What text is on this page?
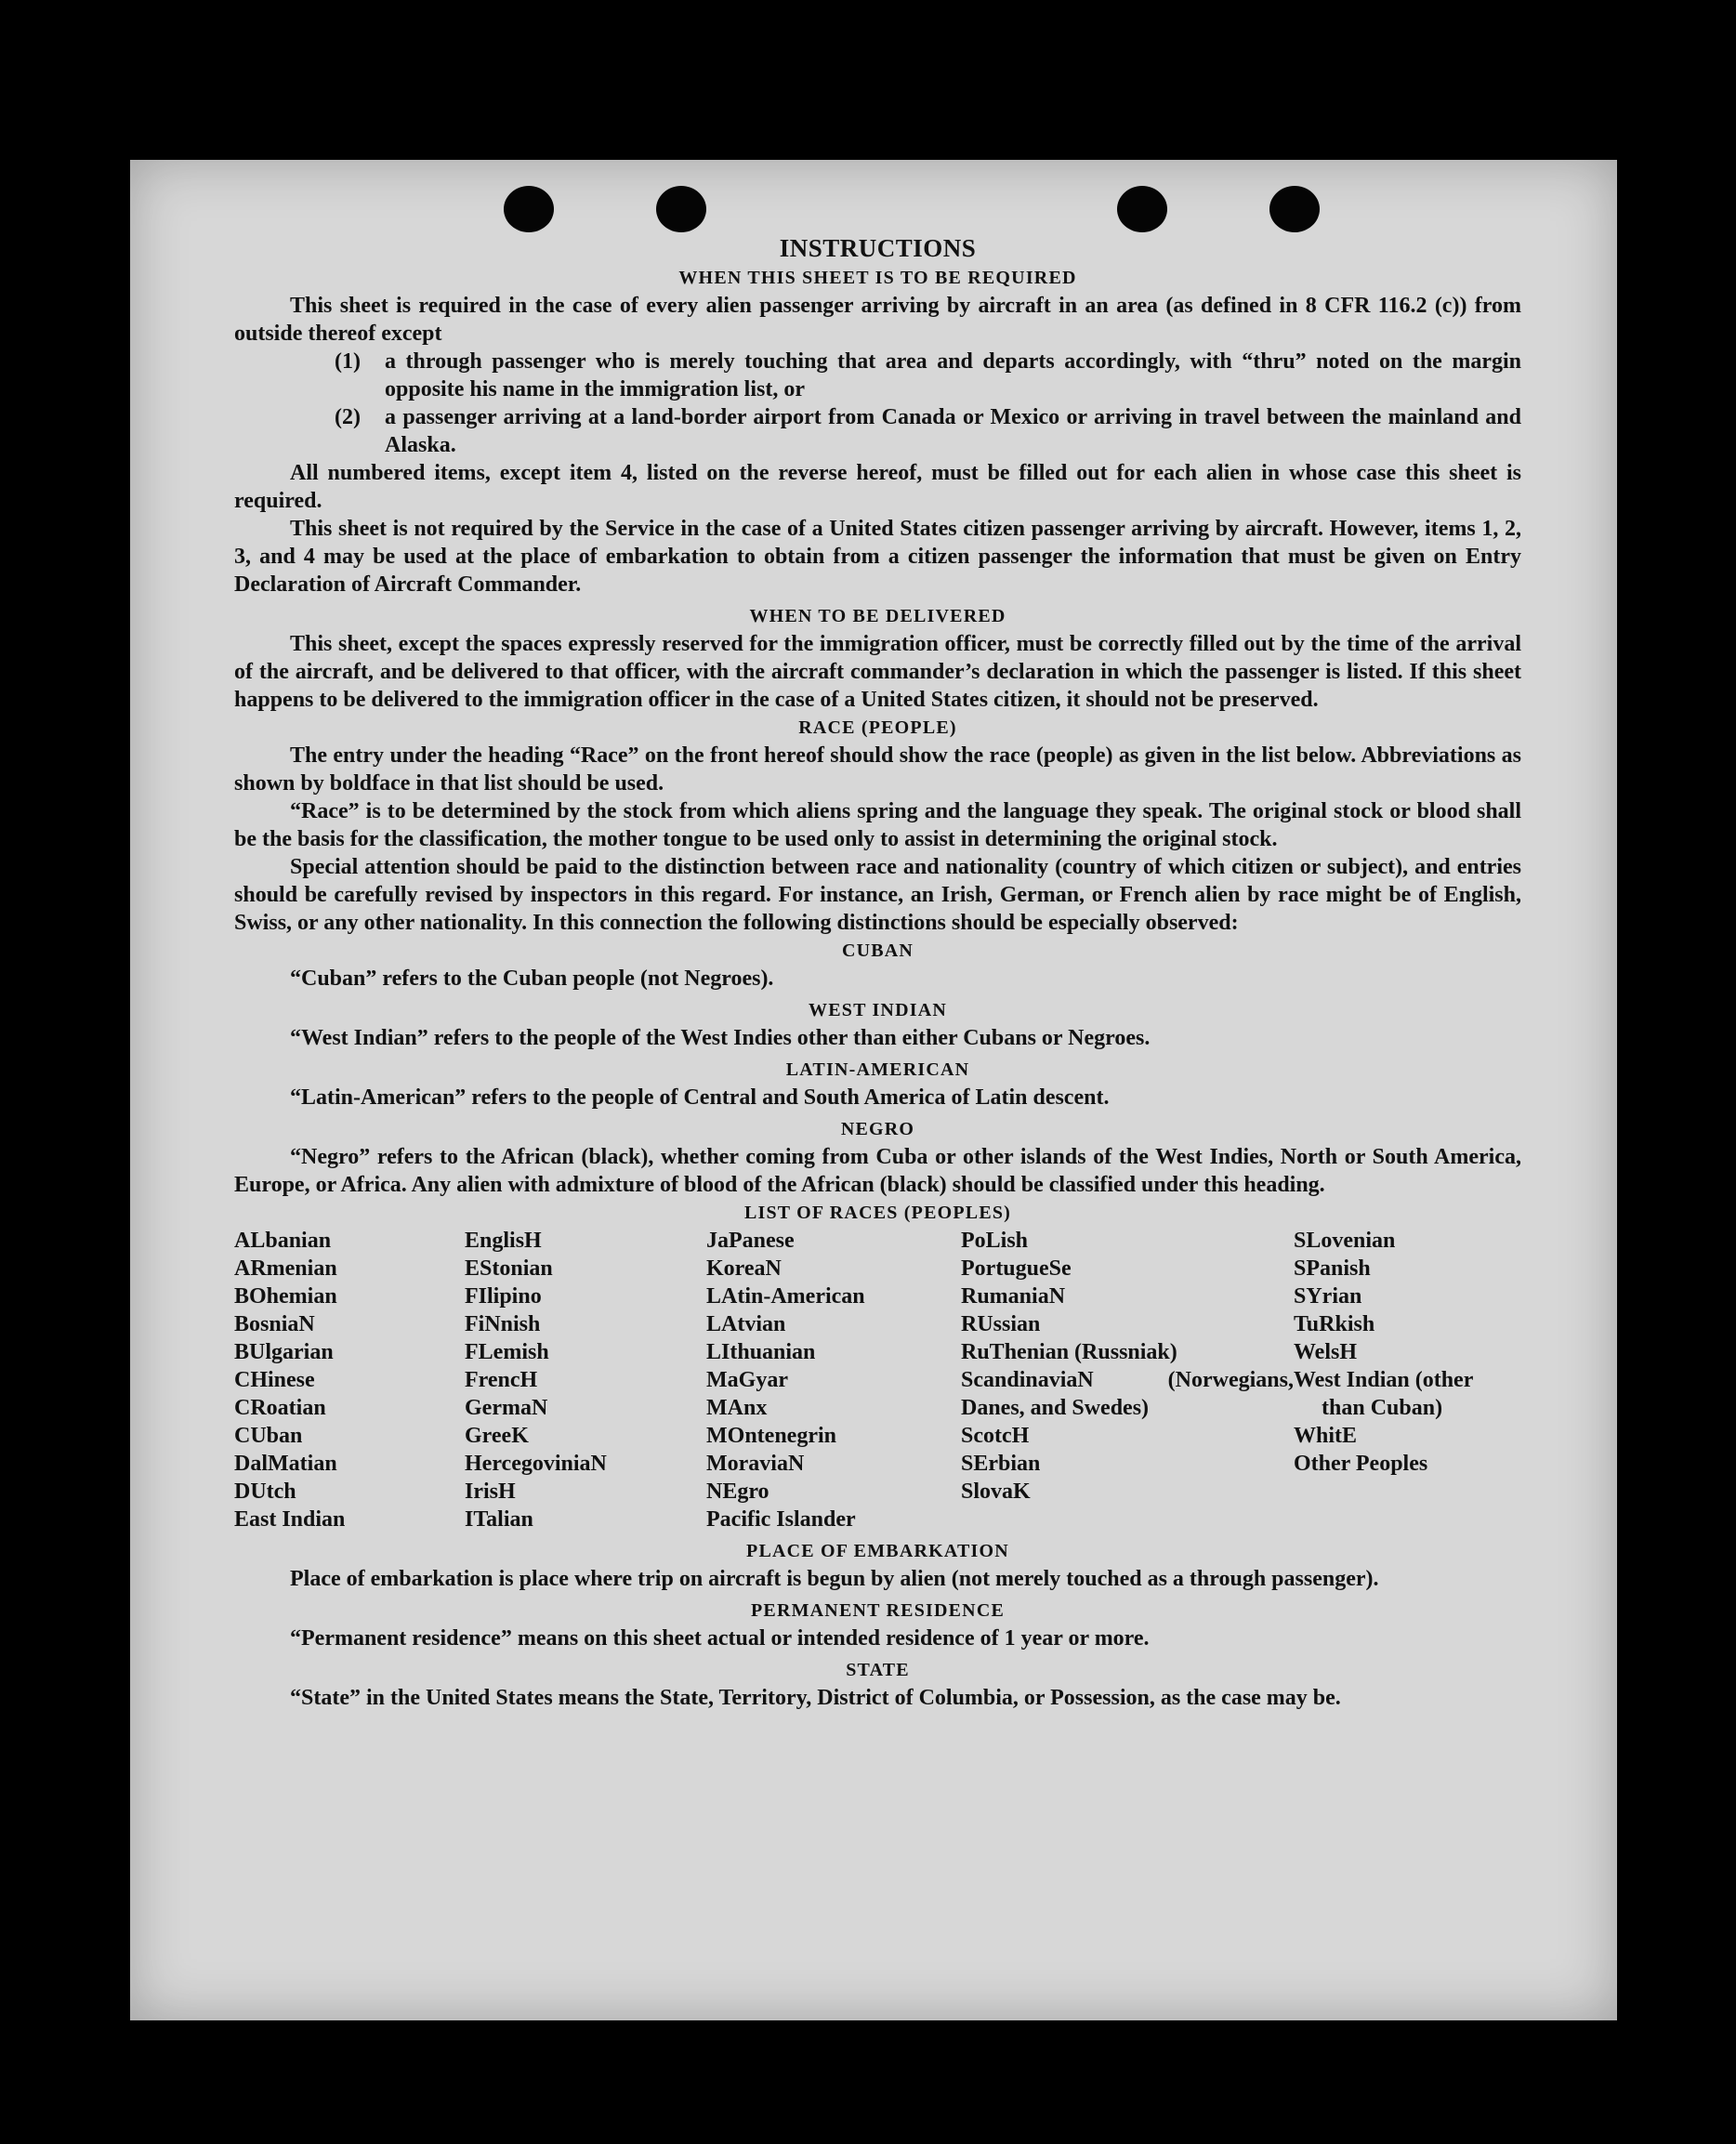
INSTRUCTIONS
WHEN THIS SHEET IS TO BE REQUIRED

This sheet is required in the case of every alien passenger arriving by aircraft in an area (as defined in 8 CFR 116.2 (c)) from outside thereof except

(1)	a through passenger who is merely touching that area and departs accordingly, with “thru” noted on the margin opposite his name in the immigration list, or
(2)	a passenger arriving at a land-border airport from Canada or Mexico or arriving in travel between the mainland and Alaska.

All numbered items, except item 4, listed on the reverse hereof, must be filled out for each alien in whose case this sheet is required.

This sheet is not required by the Service in the case of a United States citizen passenger arriving by aircraft. However, items 1, 2, 3, and 4 may be used at the place of embarkation to obtain from a citizen passenger the information that must be given on Entry Declaration of Aircraft Commander.

WHEN TO BE DELIVERED

This sheet, except the spaces expressly reserved for the immigration officer, must be correctly filled out by the time of the arrival of the aircraft, and be delivered to that officer, with the aircraft commander’s declaration in which the passenger is listed. If this sheet happens to be delivered to the immigration officer in the case of a United States citizen, it should not be preserved.

RACE (PEOPLE)

The entry under the heading “Race” on the front hereof should show the race (people) as given in the list below. Abbreviations as shown by boldface in that list should be used.

“Race” is to be determined by the stock from which aliens spring and the language they speak. The original stock or blood shall be the basis for the classification, the mother tongue to be used only to assist in determining the original stock.

Special attention should be paid to the distinction between race and nationality (country of which citizen or subject), and entries should be carefully revised by inspectors in this regard. For instance, an Irish, German, or French alien by race might be of English, Swiss, or any other nationality. In this connection the following distinctions should be especially observed:

CUBAN

“Cuban” refers to the Cuban people (not Negroes).

WEST INDIAN

“West Indian” refers to the people of the West Indies other than either Cubans or Negroes.

LATIN-AMERICAN

“Latin-American” refers to the people of Central and South America of Latin descent.

NEGRO

“Negro” refers to the African (black), whether coming from Cuba or other islands of the West Indies, North or South America, Europe, or Africa. Any alien with admixture of blood of the African (black) should be classified under this heading.

LIST OF RACES (PEOPLES)
ALbanian
ARmenian
BOhemian
BosniaN
BUlgarian
CHinese
CRoatian
CUban
DalMatian
DUtch
East Indian
EnglisH
EStonian
FIlipino
FiNnish
FLemish
FrencH
GermaN
GreeK
HercegoviniaN
IrisH
ITalian
JaPanese
KoreaN
LAtin-American
LAtvian
LIthuanian
MaGyar
MAnx
MOntenegrin
MoraviaN
NEgro
Pacific Islander
PoLish
PortugueSe
RumaniaN
RUssian
RuThenian (Russniak)
ScandinaviaN (Norwegians, Danes, and Swedes)
ScotcH
SErbian
SlovaK
SLovenian
SPanish
SYrian
TuRkish
WelsH
West Indian (other
than Cuban)
WhitE
Other Peoples
PLACE OF EMBARKATION

Place of embarkation is place where trip on aircraft is begun by alien (not merely touched as a through passenger).

PERMANENT RESIDENCE

“Permanent residence” means on this sheet actual or intended residence of 1 year or more.

STATE

“State” in the United States means the State, Territory, District of Columbia, or Possession, as the case may be.
